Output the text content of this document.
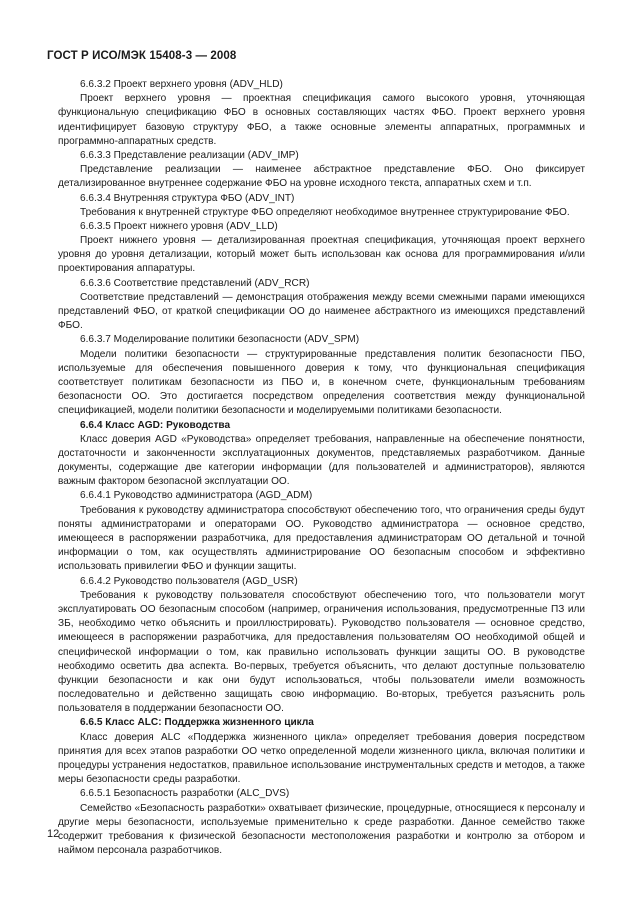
ГОСТ Р ИСО/МЭК 15408-3 — 2008

6.6.3.2 Проект верхнего уровня (ADV_HLD)

Проект верхнего уровня — проектная спецификация самого высокого уровня, уточняющая функциональную спецификацию ФБО в основных составляющих частях ФБО. Проект верхнего уровня идентифицирует базовую структуру ФБО, а также основные элементы аппаратных, программных и программно-аппаратных средств.

6.6.3.3 Представление реализации (ADV_IMP)

Представление реализации — наименее абстрактное представление ФБО. Оно фиксирует детализированное внутреннее содержание ФБО на уровне исходного текста, аппаратных схем и т.п.

6.6.3.4 Внутренняя структура ФБО (ADV_INT)

Требования к внутренней структуре ФБО определяют необходимое внутреннее структурирование ФБО.

6.6.3.5 Проект нижнего уровня (ADV_LLD)

Проект нижнего уровня — детализированная проектная спецификация, уточняющая проект верхнего уровня до уровня детализации, который может быть использован как основа для программирования и/или проектирования аппаратуры.

6.6.3.6 Соответствие представлений (ADV_RCR)

Соответствие представлений — демонстрация отображения между всеми смежными парами имеющихся представлений ФБО, от краткой спецификации ОО до наименее абстрактного из имеющихся представлений ФБО.

6.6.3.7 Моделирование политики безопасности (ADV_SPM)

Модели политики безопасности — структурированные представления политик безопасности ПБО, используемые для обеспечения повышенного доверия к тому, что функциональная спецификация соответствует политикам безопасности из ПБО и, в конечном счете, функциональным требованиям безопасности ОО. Это достигается посредством определения соответствия между функциональной спецификацией, модели политики безопасности и моделируемыми политиками безопасности.

6.6.4 Класс AGD: Руководства

Класс доверия AGD «Руководства» определяет требования, направленные на обеспечение понятности, достаточности и законченности эксплуатационных документов, представляемых разработчиком. Данные документы, содержащие две категории информации (для пользователей и администраторов), являются важным фактором безопасной эксплуатации ОО.

6.6.4.1 Руководство администратора (AGD_ADM)

Требования к руководству администратора способствуют обеспечению того, что ограничения среды будут поняты администраторами и операторами ОО. Руководство администратора — основное средство, имеющееся в распоряжении разработчика, для предоставления администраторам ОО детальной и точной информации о том, как осуществлять администрирование ОО безопасным способом и эффективно использовать привилегии ФБО и функции защиты.

6.6.4.2 Руководство пользователя (AGD_USR)

Требования к руководству пользователя способствуют обеспечению того, что пользователи могут эксплуатировать ОО безопасным способом (например, ограничения использования, предусмотренные ПЗ или ЗБ, необходимо четко объяснить и проиллюстрировать). Руководство пользователя — основное средство, имеющееся в распоряжении разработчика, для предоставления пользователям ОО необходимой общей и специфической информации о том, как правильно использовать функции защиты ОО. В руководстве необходимо осветить два аспекта. Во-первых, требуется объяснить, что делают доступные пользователю функции безопасности и как они будут использоваться, чтобы пользователи имели возможность последовательно и действенно защищать свою информацию. Во-вторых, требуется разъяснить роль пользователя в поддержании безопасности ОО.

6.6.5 Класс ALC: Поддержка жизненного цикла

Класс доверия ALC «Поддержка жизненного цикла» определяет требования доверия посредством принятия для всех этапов разработки ОО четко определенной модели жизненного цикла, включая политики и процедуры устранения недостатков, правильное использование инструментальных средств и методов, а также меры безопасности среды разработки.

6.6.5.1 Безопасность разработки (ALC_DVS)

Семейство «Безопасность разработки» охватывает физические, процедурные, относящиеся к персоналу и другие меры безопасности, используемые применительно к среде разработки. Данное семейство также содержит требования к физической безопасности местоположения разработки и контролю за отбором и наймом персонала разработчиков.

12
